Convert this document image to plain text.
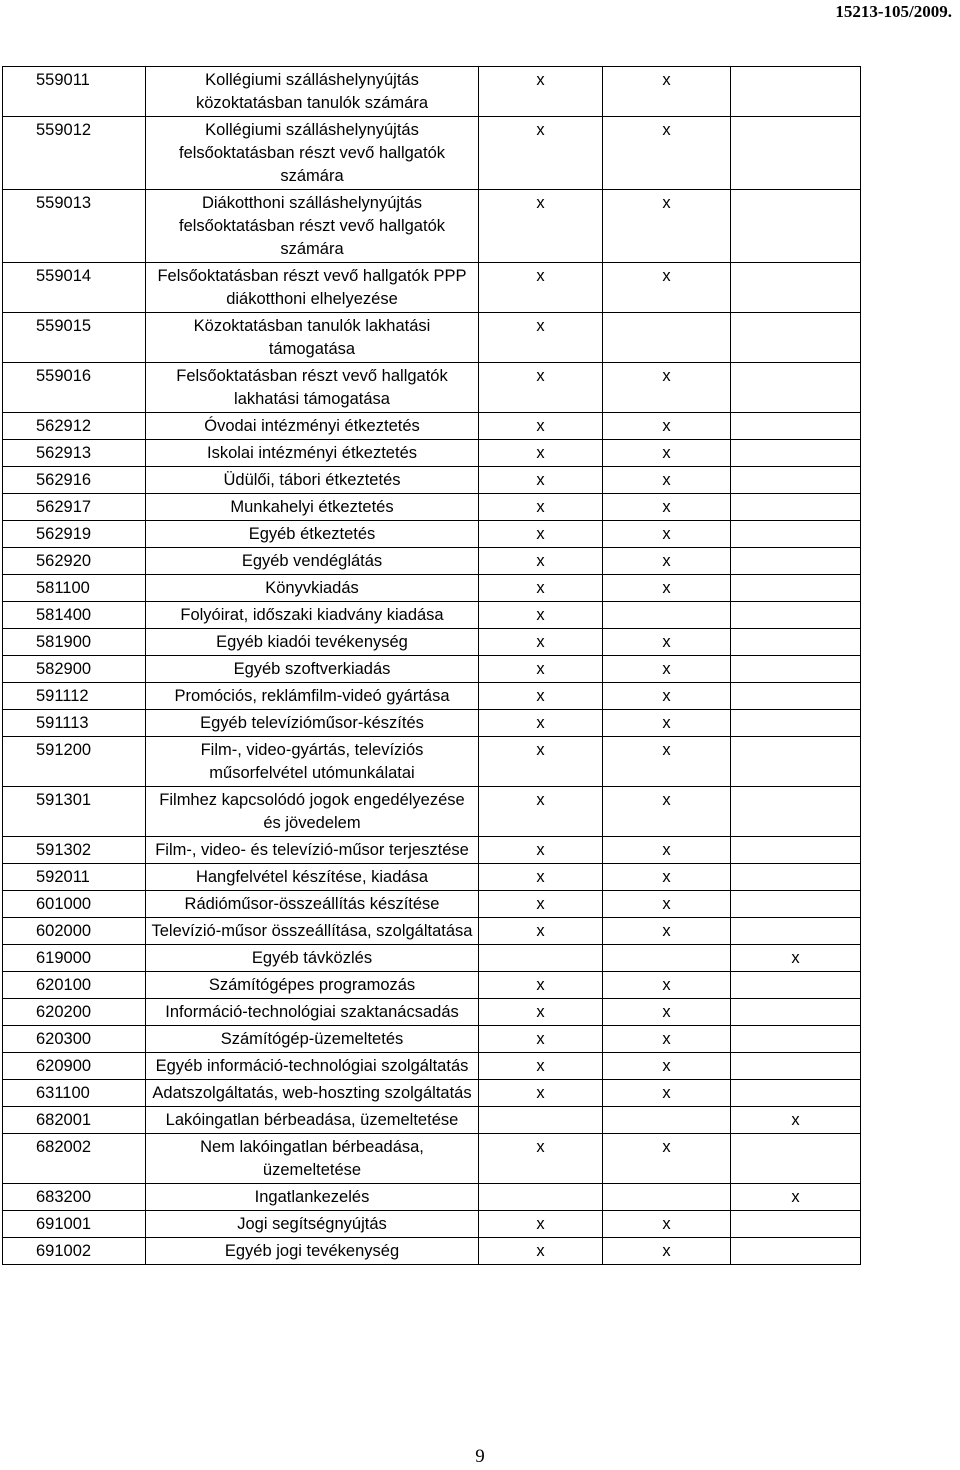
15213-105/2009.
559011	Kollégiumi szálláshelynyújtás közoktatásban tanulók számára	x	x	
559012	Kollégiumi szálláshelynyújtás felsőoktatásban részt vevő hallgatók számára	x	x	
559013	Diákotthoni szálláshelynyújtás felsőoktatásban részt vevő hallgatók számára	x	x	
559014	Felsőoktatásban részt vevő hallgatók PPP diákotthoni elhelyezése	x	x	
559015	Közoktatásban tanulók lakhatási támogatása	x		
559016	Felsőoktatásban részt vevő hallgatók lakhatási támogatása	x	x	
562912	Óvodai intézményi étkeztetés	x	x	
562913	Iskolai intézményi étkeztetés	x	x	
562916	Üdülői, tábori étkeztetés	x	x	
562917	Munkahelyi étkeztetés	x	x	
562919	Egyéb étkeztetés	x	x	
562920	Egyéb vendéglátás	x	x	
581100	Könyvkiadás	x	x	
581400	Folyóirat, időszaki kiadvány kiadása	x		
581900	Egyéb kiadói tevékenység	x	x	
582900	Egyéb szoftverkiadás	x	x	
591112	Promóciós, reklámfilm-videó gyártása	x	x	
591113	Egyéb televízióműsor-készítés	x	x	
591200	Film-, video-gyártás, televíziós műsorfelvétel utómunkálatai	x	x	
591301	Filmhez kapcsolódó jogok engedélyezése és jövedelem	x	x	
591302	Film-, video- és televízió-műsor terjesztése	x	x	
592011	Hangfelvétel készítése, kiadása	x	x	
601000	Rádióműsor-összeállítás készítése	x	x	
602000	Televízió-műsor összeállítása, szolgáltatása	x	x	
619000	Egyéb távközlés			x
620100	Számítógépes programozás	x	x	
620200	Információ-technológiai szaktanácsadás	x	x	
620300	Számítógép-üzemeltetés	x	x	
620900	Egyéb információ-technológiai szolgáltatás	x	x	
631100	Adatszolgáltatás, web-hoszting szolgáltatás	x	x	
682001	Lakóingatlan bérbeadása, üzemeltetése			x
682002	Nem lakóingatlan bérbeadása, üzemeltetése	x	x	
683200	Ingatlankezelés			x
691001	Jogi segítségnyújtás	x	x	
691002	Egyéb jogi tevékenység	x	x	
9
